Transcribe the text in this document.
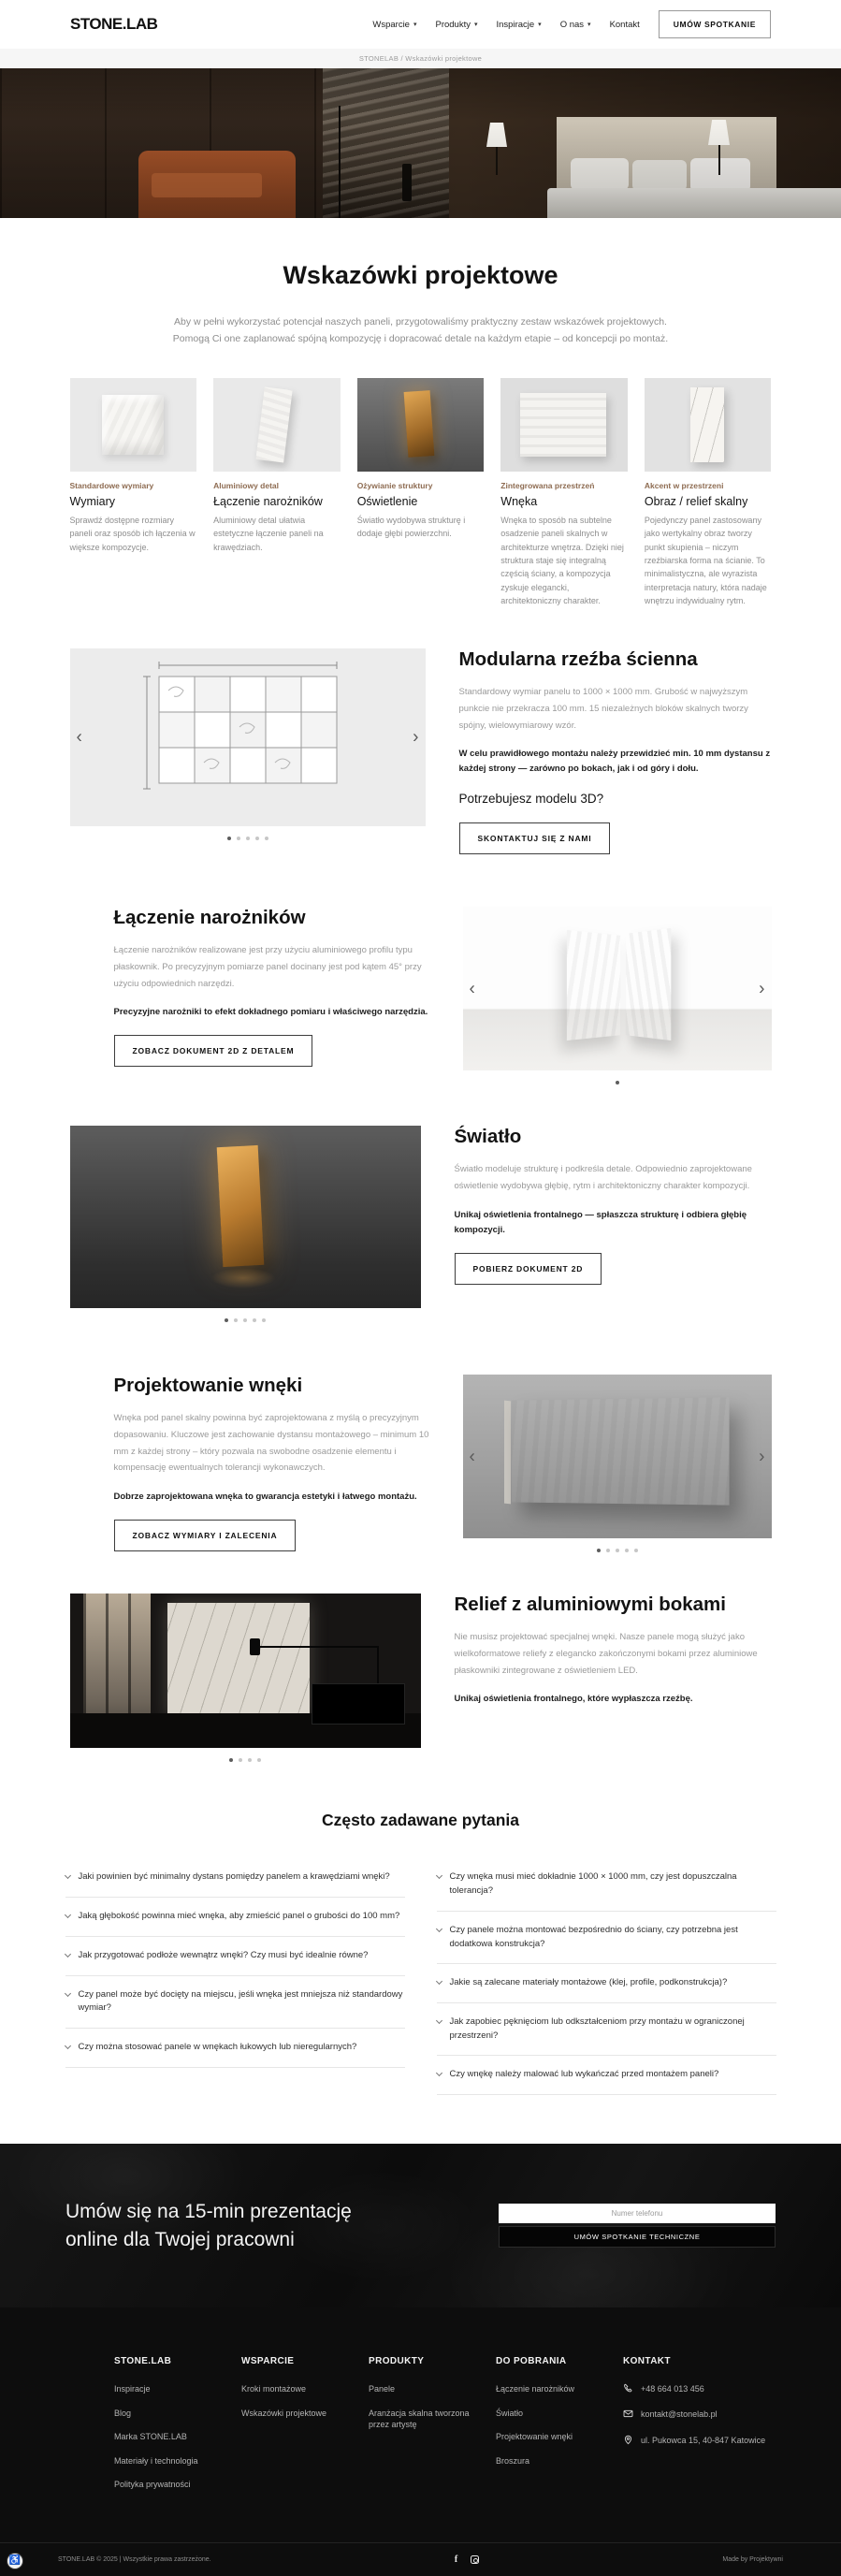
STONE.LAB	Wsparcie ▾ Produkty ▾ Inspiracje ▾ O nas ▾ Kontakt	UMÓW SPOTKANIE
STONELAB / Wskazówki projektowe
Wskazówki projektowe
Aby w pełni wykorzystać potencjał naszych paneli, przygotowaliśmy praktyczny zestaw wskazówek projektowych.
Pomogą Ci one zaplanować spójną kompozycję i dopracować detale na każdym etapie – od koncepcji po montaż.
Standardowe wymiary
Wymiary
Sprawdź dostępne rozmiary paneli oraz sposób ich łączenia w większe kompozycje.
Aluminiowy detal
Łączenie narożników
Aluminiowy detal ułatwia estetyczne łączenie paneli na krawędziach.
Ożywianie struktury
Oświetlenie
Światło wydobywa strukturę i dodaje głębi powierzchni.
Zintegrowana przestrzeń
Wnęka
Wnęka to sposób na subtelne osadzenie paneli skalnych w architekturze wnętrza. Dzięki niej struktura staje się integralną częścią ściany, a kompozycja zyskuje elegancki, architektoniczny charakter.
Akcent w przestrzeni
Obraz / relief skalny
Pojedynczy panel zastosowany jako wertykalny obraz tworzy punkt skupienia – niczym rzeźbiarska forma na ścianie. To minimalistyczna, ale wyrazista interpretacja natury, która nadaje wnętrzu indywidualny rytm.
‹	›
Modularna rzeźba ścienna

Standardowy wymiar panelu to 1000 × 1000 mm. Grubość w najwyższym punkcie nie przekracza 100 mm. 15 niezależnych bloków skalnych tworzy spójny, wielowymiarowy wzór.

W celu prawidłowego montażu należy przewidzieć min. 10 mm dystansu z każdej strony — zarówno po bokach, jak i od góry i dołu.

Potrzebujesz modelu 3D?
SKONTAKTUJ SIĘ Z NAMI
Łączenie narożników

Łączenie narożników realizowane jest przy użyciu aluminiowego profilu typu płaskownik. Po precyzyjnym pomiarze panel docinany jest pod kątem 45° przy użyciu odpowiednich narzędzi.

Precyzyjne narożniki to efekt dokładnego pomiaru i właściwego narzędzia.

ZOBACZ DOKUMENT 2D Z DETALEM
‹	›
Światło

Światło modeluje strukturę i podkreśla detale. Odpowiednio zaprojektowane oświetlenie wydobywa głębię, rytm i architektoniczny charakter kompozycji.

Unikaj oświetlenia frontalnego — spłaszcza strukturę i odbiera głębię kompozycji.

POBIERZ DOKUMENT 2D
Projektowanie wnęki

Wnęka pod panel skalny powinna być zaprojektowana z myślą o precyzyjnym dopasowaniu. Kluczowe jest zachowanie dystansu montażowego – minimum 10 mm z każdej strony – który pozwala na swobodne osadzenie elementu i kompensację ewentualnych tolerancji wykonawczych.

Dobrze zaprojektowana wnęka to gwarancja estetyki i łatwego montażu.

ZOBACZ WYMIARY I ZALECENIA
‹	›
Relief z aluminiowymi bokami

Nie musisz projektować specjalnej wnęki. Nasze panele mogą służyć jako wielkoformatowe reliefy z elegancko zakończonymi bokami przez aluminiowe płaskowniki zintegrowane z oświetleniem LED.

Unikaj oświetlenia frontalnego, które wypłaszcza rzeźbę.

Często zadawane pytania
Jaki powinien być minimalny dystans pomiędzy panelem a krawędziami wnęki?
Jaką głębokość powinna mieć wnęka, aby zmieścić panel o grubości do 100 mm?
Jak przygotować podłoże wewnątrz wnęki? Czy musi być idealnie równe?
Czy panel może być docięty na miejscu, jeśli wnęka jest mniejsza niż standardowy wymiar?
Czy można stosować panele w wnękach łukowych lub nieregularnych?
Czy wnęka musi mieć dokładnie 1000 × 1000 mm, czy jest dopuszczalna tolerancja?
Czy panele można montować bezpośrednio do ściany, czy potrzebna jest dodatkowa konstrukcja?
Jakie są zalecane materiały montażowe (klej, profile, podkonstrukcja)?
Jak zapobiec pęknięciom lub odkształceniom przy montażu w ograniczonej przestrzeni?
Czy wnękę należy malować lub wykańczać przed montażem paneli?
Umów się na 15-min prezentację
online dla Twojej pracowni
Numer telefonu	UMÓW SPOTKANIE TECHNICZNE
STONE.LAB
Inspiracje
Blog
Marka STONE.LAB
Materiały i technologia
Polityka prywatności
WSPARCIE
Kroki montażowe
Wskazówki projektowe
PRODUKTY
Panele
Aranżacja skalna tworzona przez artystę
DO POBRANIA
Łączenie narożników
Światło
Projektowanie wnęki
Broszura
KONTAKT
+48 664 013 456
kontakt@stonelab.pl
ul. Pukowca 15, 40-847 Katowice
STONE.LAB © 2025 | Wszystkie prawa zastrzeżone.	f	Made by Projektywni
♿
